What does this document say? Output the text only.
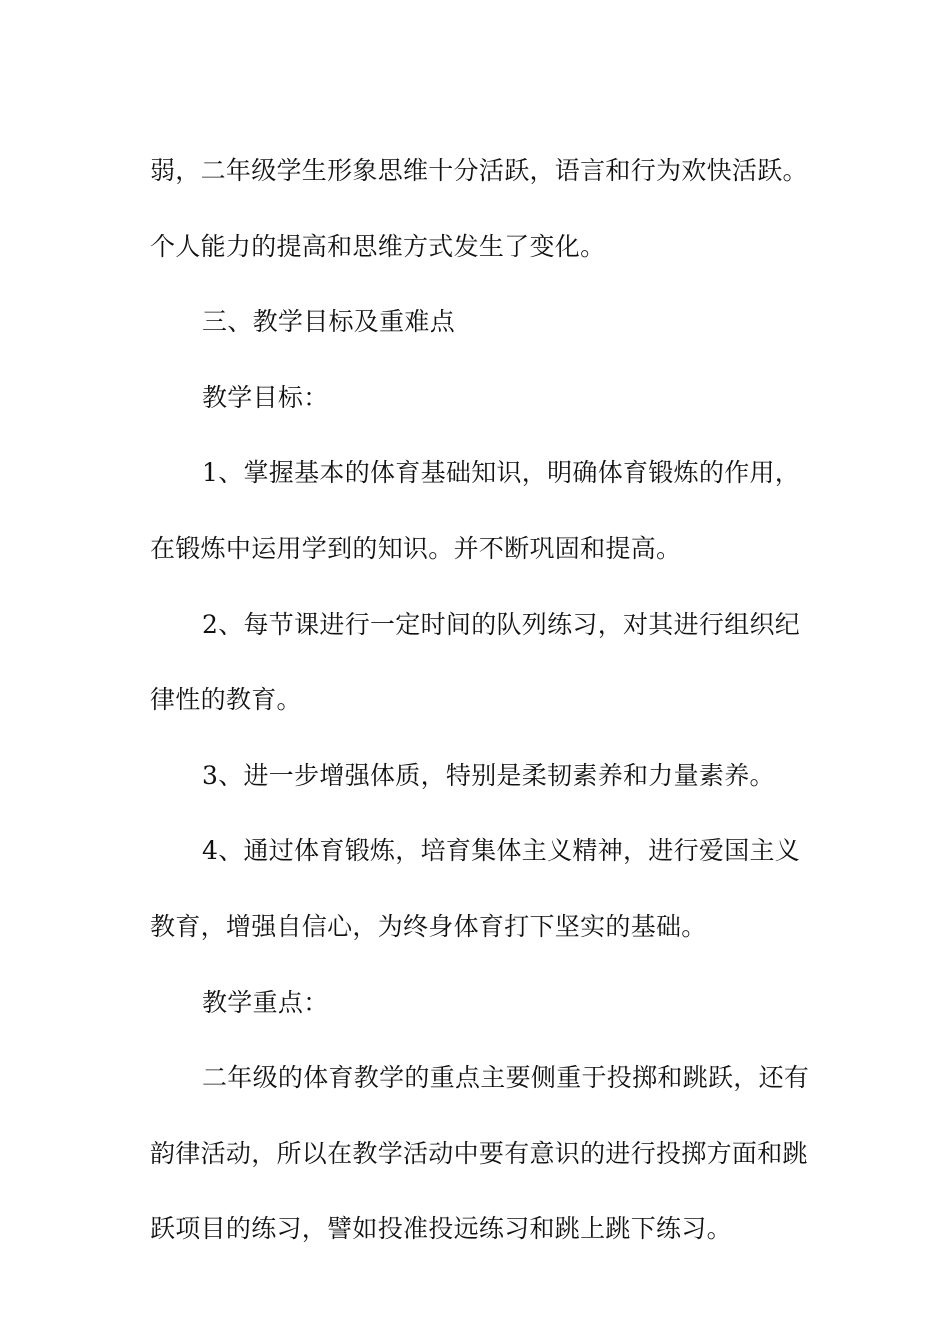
弱，二年级学生形象思维十分活跃，语言和行为欢快活跃。个人能力的提高和思维方式发生了变化。

三、教学目标及重难点

教学目标：

1、掌握基本的体育基础知识，明确体育锻炼的作用，在锻炼中运用学到的知识。并不断巩固和提高。

2、每节课进行一定时间的队列练习，对其进行组织纪律性的教育。

3、进一步增强体质，特别是柔韧素养和力量素养。

4、通过体育锻炼，培育集体主义精神，进行爱国主义教育，增强自信心，为终身体育打下坚实的基础。

教学重点：

二年级的体育教学的重点主要侧重于投掷和跳跃，还有韵律活动，所以在教学活动中要有意识的进行投掷方面和跳跃项目的练习，譬如投准投远练习和跳上跳下练习。
